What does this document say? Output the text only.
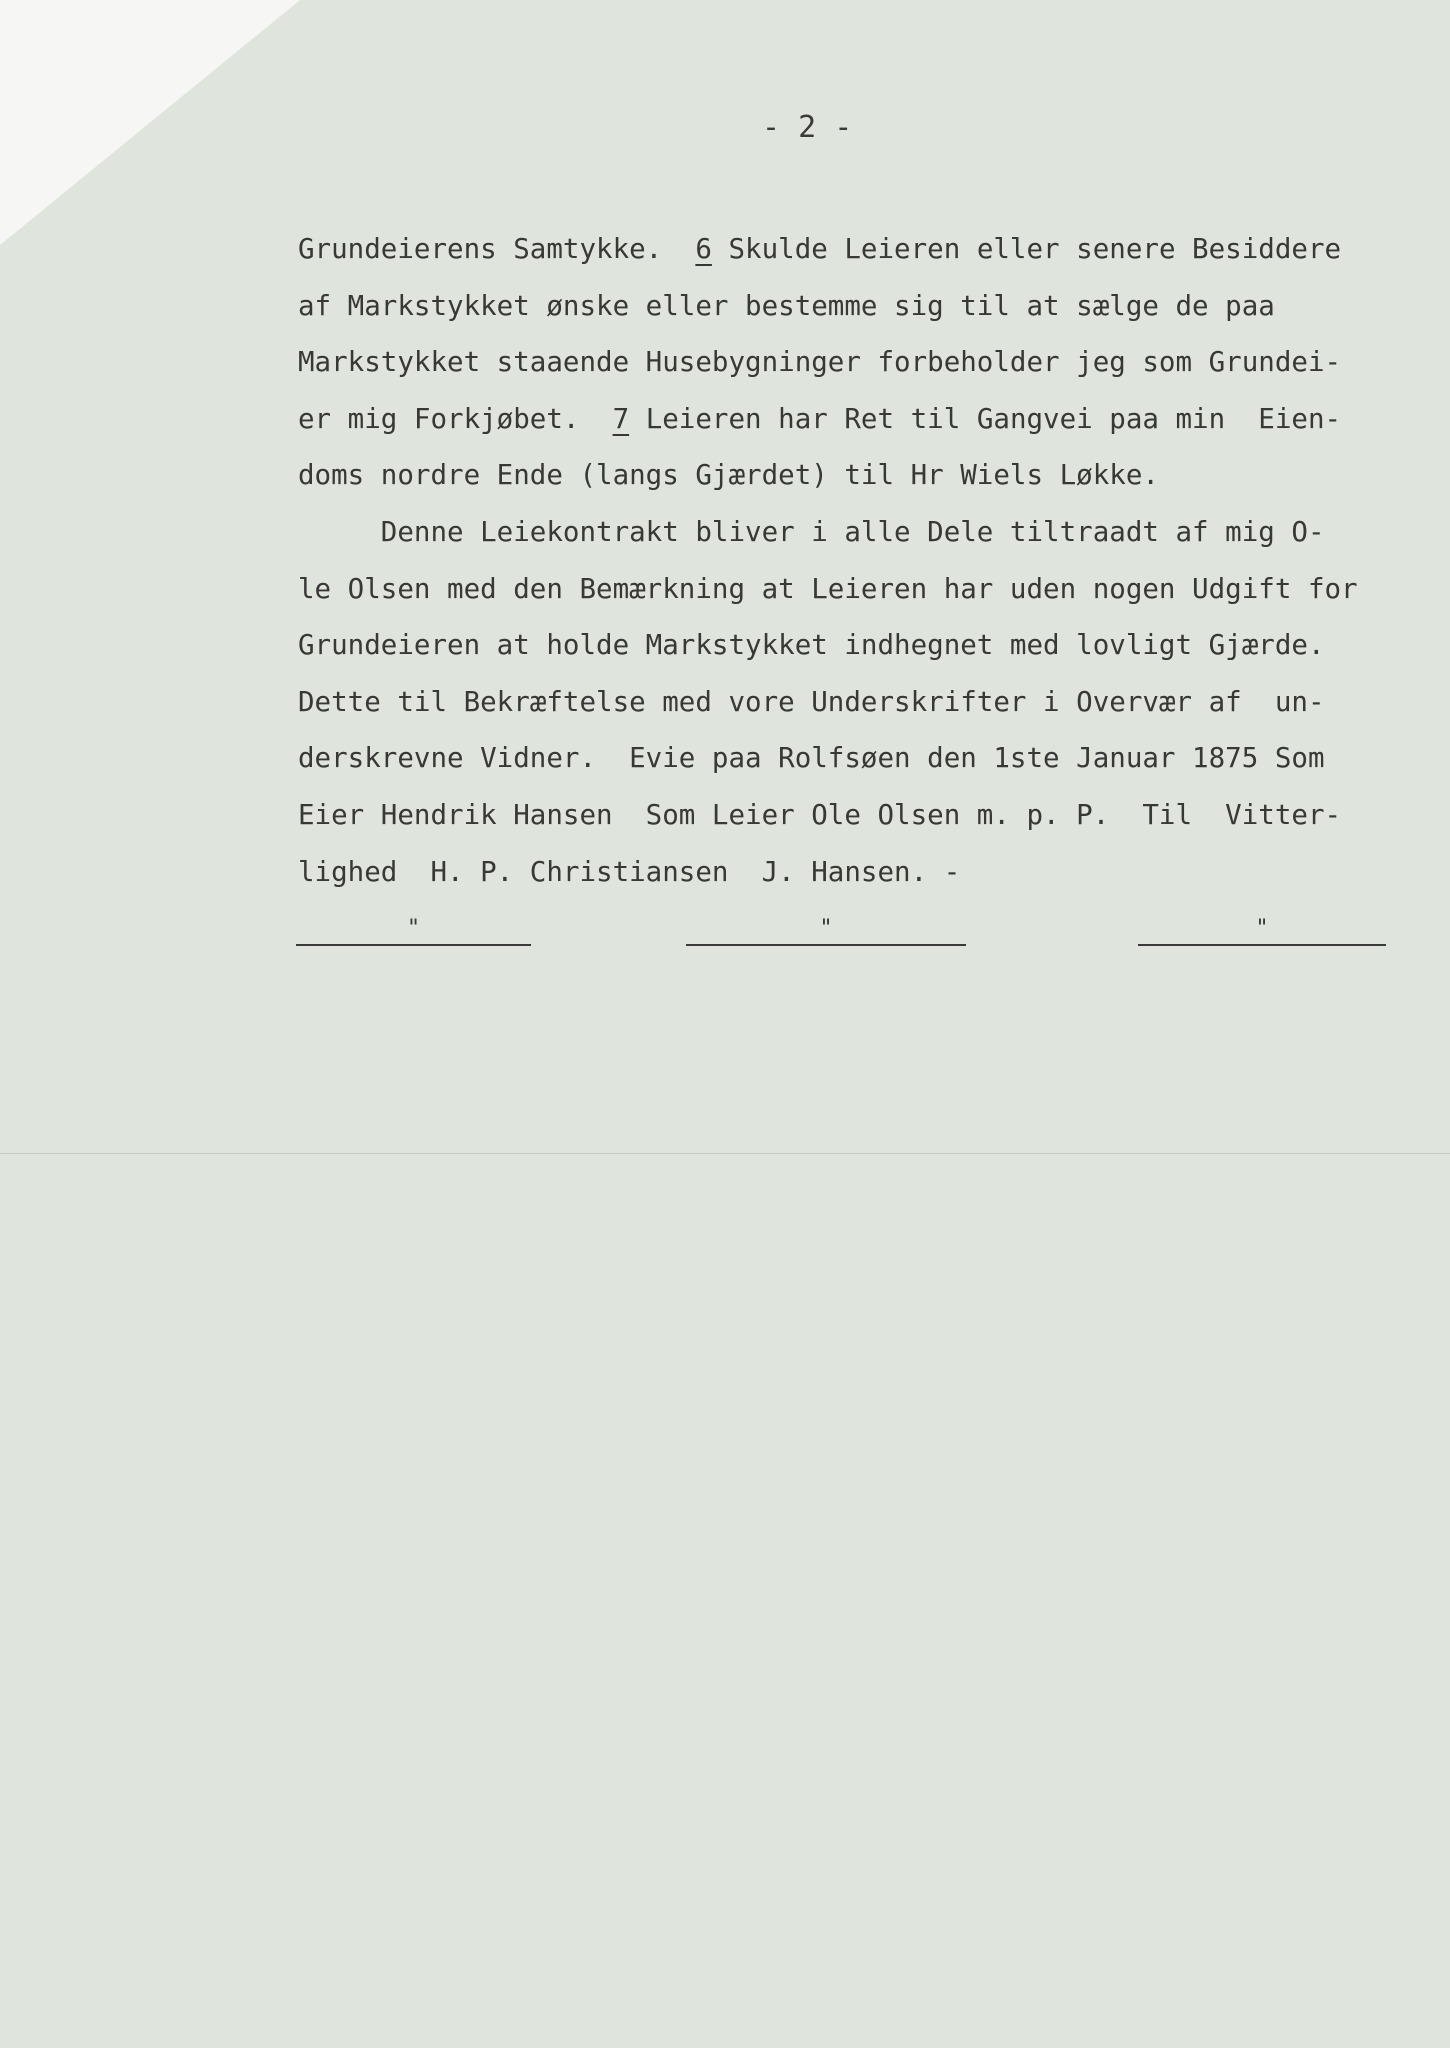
- 2 -
Grundeierens Samtykke.  6 Skulde Leieren eller senere Besiddere
af Markstykket ønske eller bestemme sig til at sælge de paa
Markstykket staaende Husebygninger forbeholder jeg som Grundei-
er mig Forkjøbet.  7 Leieren har Ret til Gangvei paa min  Eien-
doms nordre Ende (langs Gjærdet) til Hr Wiels Løkke.
Denne Leiekontrakt bliver i alle Dele tiltraadt af mig O-
le Olsen med den Bemærkning at Leieren har uden nogen Udgift for
Grundeieren at holde Markstykket indhegnet med lovligt Gjærde.
Dette til Bekræftelse med vore Underskrifter i Overvær af  un-
derskrevne Vidner.  Evie paa Rolfsøen den 1ste Januar 1875 Som
Eier Hendrik Hansen  Som Leier Ole Olsen m. p. P.  Til  Vitter-
lighed  H. P. Christiansen  J. Hansen. -
"	"	"
